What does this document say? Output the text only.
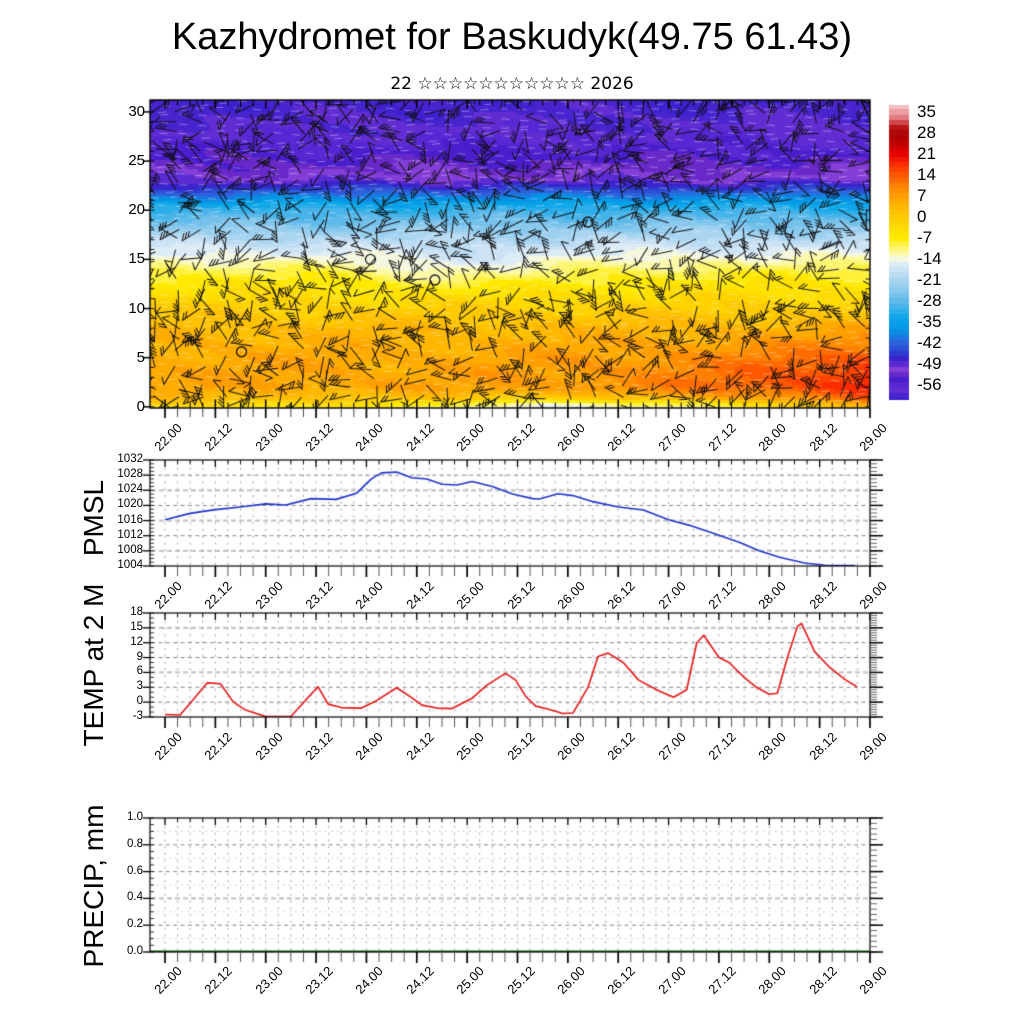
Kazhydromet for Baskudyk(49.75 61.43)
22 ☆☆☆☆☆☆☆☆☆☆☆ 2026
PMSL
TEMP at 2 M
PRECIP, mm
30
25
20
15
10
5
0
35
28
21
14
7
0
-7
-14
-21
-28
-35
-42
-49
-56
1032
1028
1024
1020
1016
1012
1008
1004
18
15
12
9
6
3
0
-3
1.0
0.8
0.6
0.4
0.2
0.0
22.00	22.12	23.00	23.12	24.00	24.12	25.00	25.12	26.00	26.12	27.00	27.12	28.00	28.12	29.00
22.00	22.12	23.00	23.12	24.00	24.12	25.00	25.12	26.00	26.12	27.00	27.12	28.00	28.12	29.00
22.00	22.12	23.00	23.12	24.00	24.12	25.00	25.12	26.00	26.12	27.00	27.12	28.00	28.12	29.00
22.00	22.12	23.00	23.12	24.00	24.12	25.00	25.12	26.00	26.12	27.00	27.12	28.00	28.12	29.00
